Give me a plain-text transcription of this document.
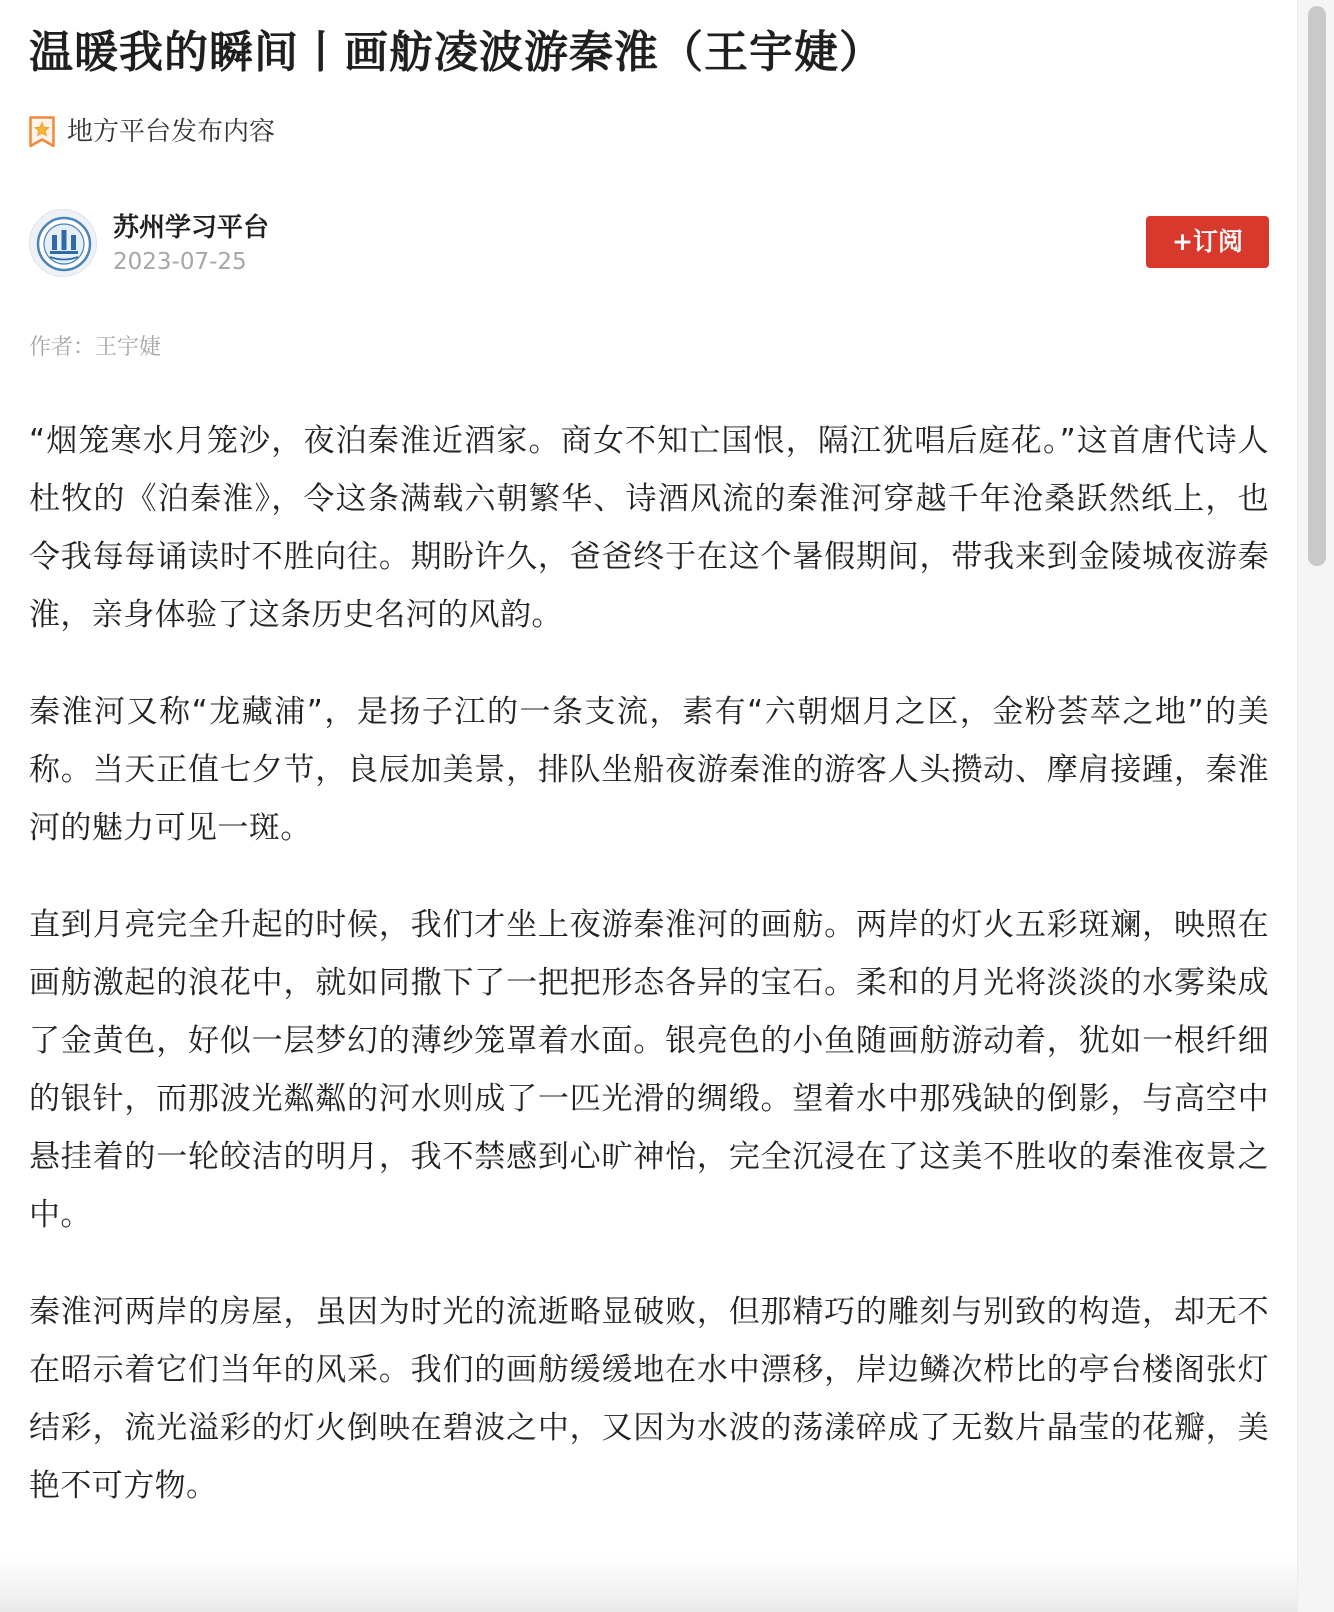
温暖我的瞬间丨画舫凌波游秦淮（王宇婕）
地方平台发布内容
苏州学习平台
2023-07-25
+订阅
作者：王宇婕

“烟笼寒水月笼沙，夜泊秦淮近酒家。商女不知亡国恨，隔江犹唱后庭花。”这首唐代诗人杜牧的《泊秦淮》，令这条满载六朝繁华、诗酒风流的秦淮河穿越千年沧桑跃然纸上，也令我每每诵读时不胜向往。期盼许久，爸爸终于在这个暑假期间，带我来到金陵城夜游秦淮，亲身体验了这条历史名河的风韵。

秦淮河又称“龙藏浦”，是扬子江的一条支流，素有“六朝烟月之区，金粉荟萃之地”的美称。当天正值七夕节，良辰加美景，排队坐船夜游秦淮的游客人头攒动、摩肩接踵，秦淮河的魅力可见一斑。

直到月亮完全升起的时候，我们才坐上夜游秦淮河的画舫。两岸的灯火五彩斑斓，映照在画舫激起的浪花中，就如同撒下了一把把形态各异的宝石。柔和的月光将淡淡的水雾染成了金黄色，好似一层梦幻的薄纱笼罩着水面。银亮色的小鱼随画舫游动着，犹如一根纤细的银针，而那波光粼粼的河水则成了一匹光滑的绸缎。望着水中那残缺的倒影，与高空中悬挂着的一轮皎洁的明月，我不禁感到心旷神怡，完全沉浸在了这美不胜收的秦淮夜景之中。

秦淮河两岸的房屋，虽因为时光的流逝略显破败，但那精巧的雕刻与别致的构造，却无不在昭示着它们当年的风采。我们的画舫缓缓地在水中漂移，岸边鳞次栉比的亭台楼阁张灯结彩，流光溢彩的灯火倒映在碧波之中，又因为水波的荡漾碎成了无数片晶莹的花瓣，美艳不可方物。
